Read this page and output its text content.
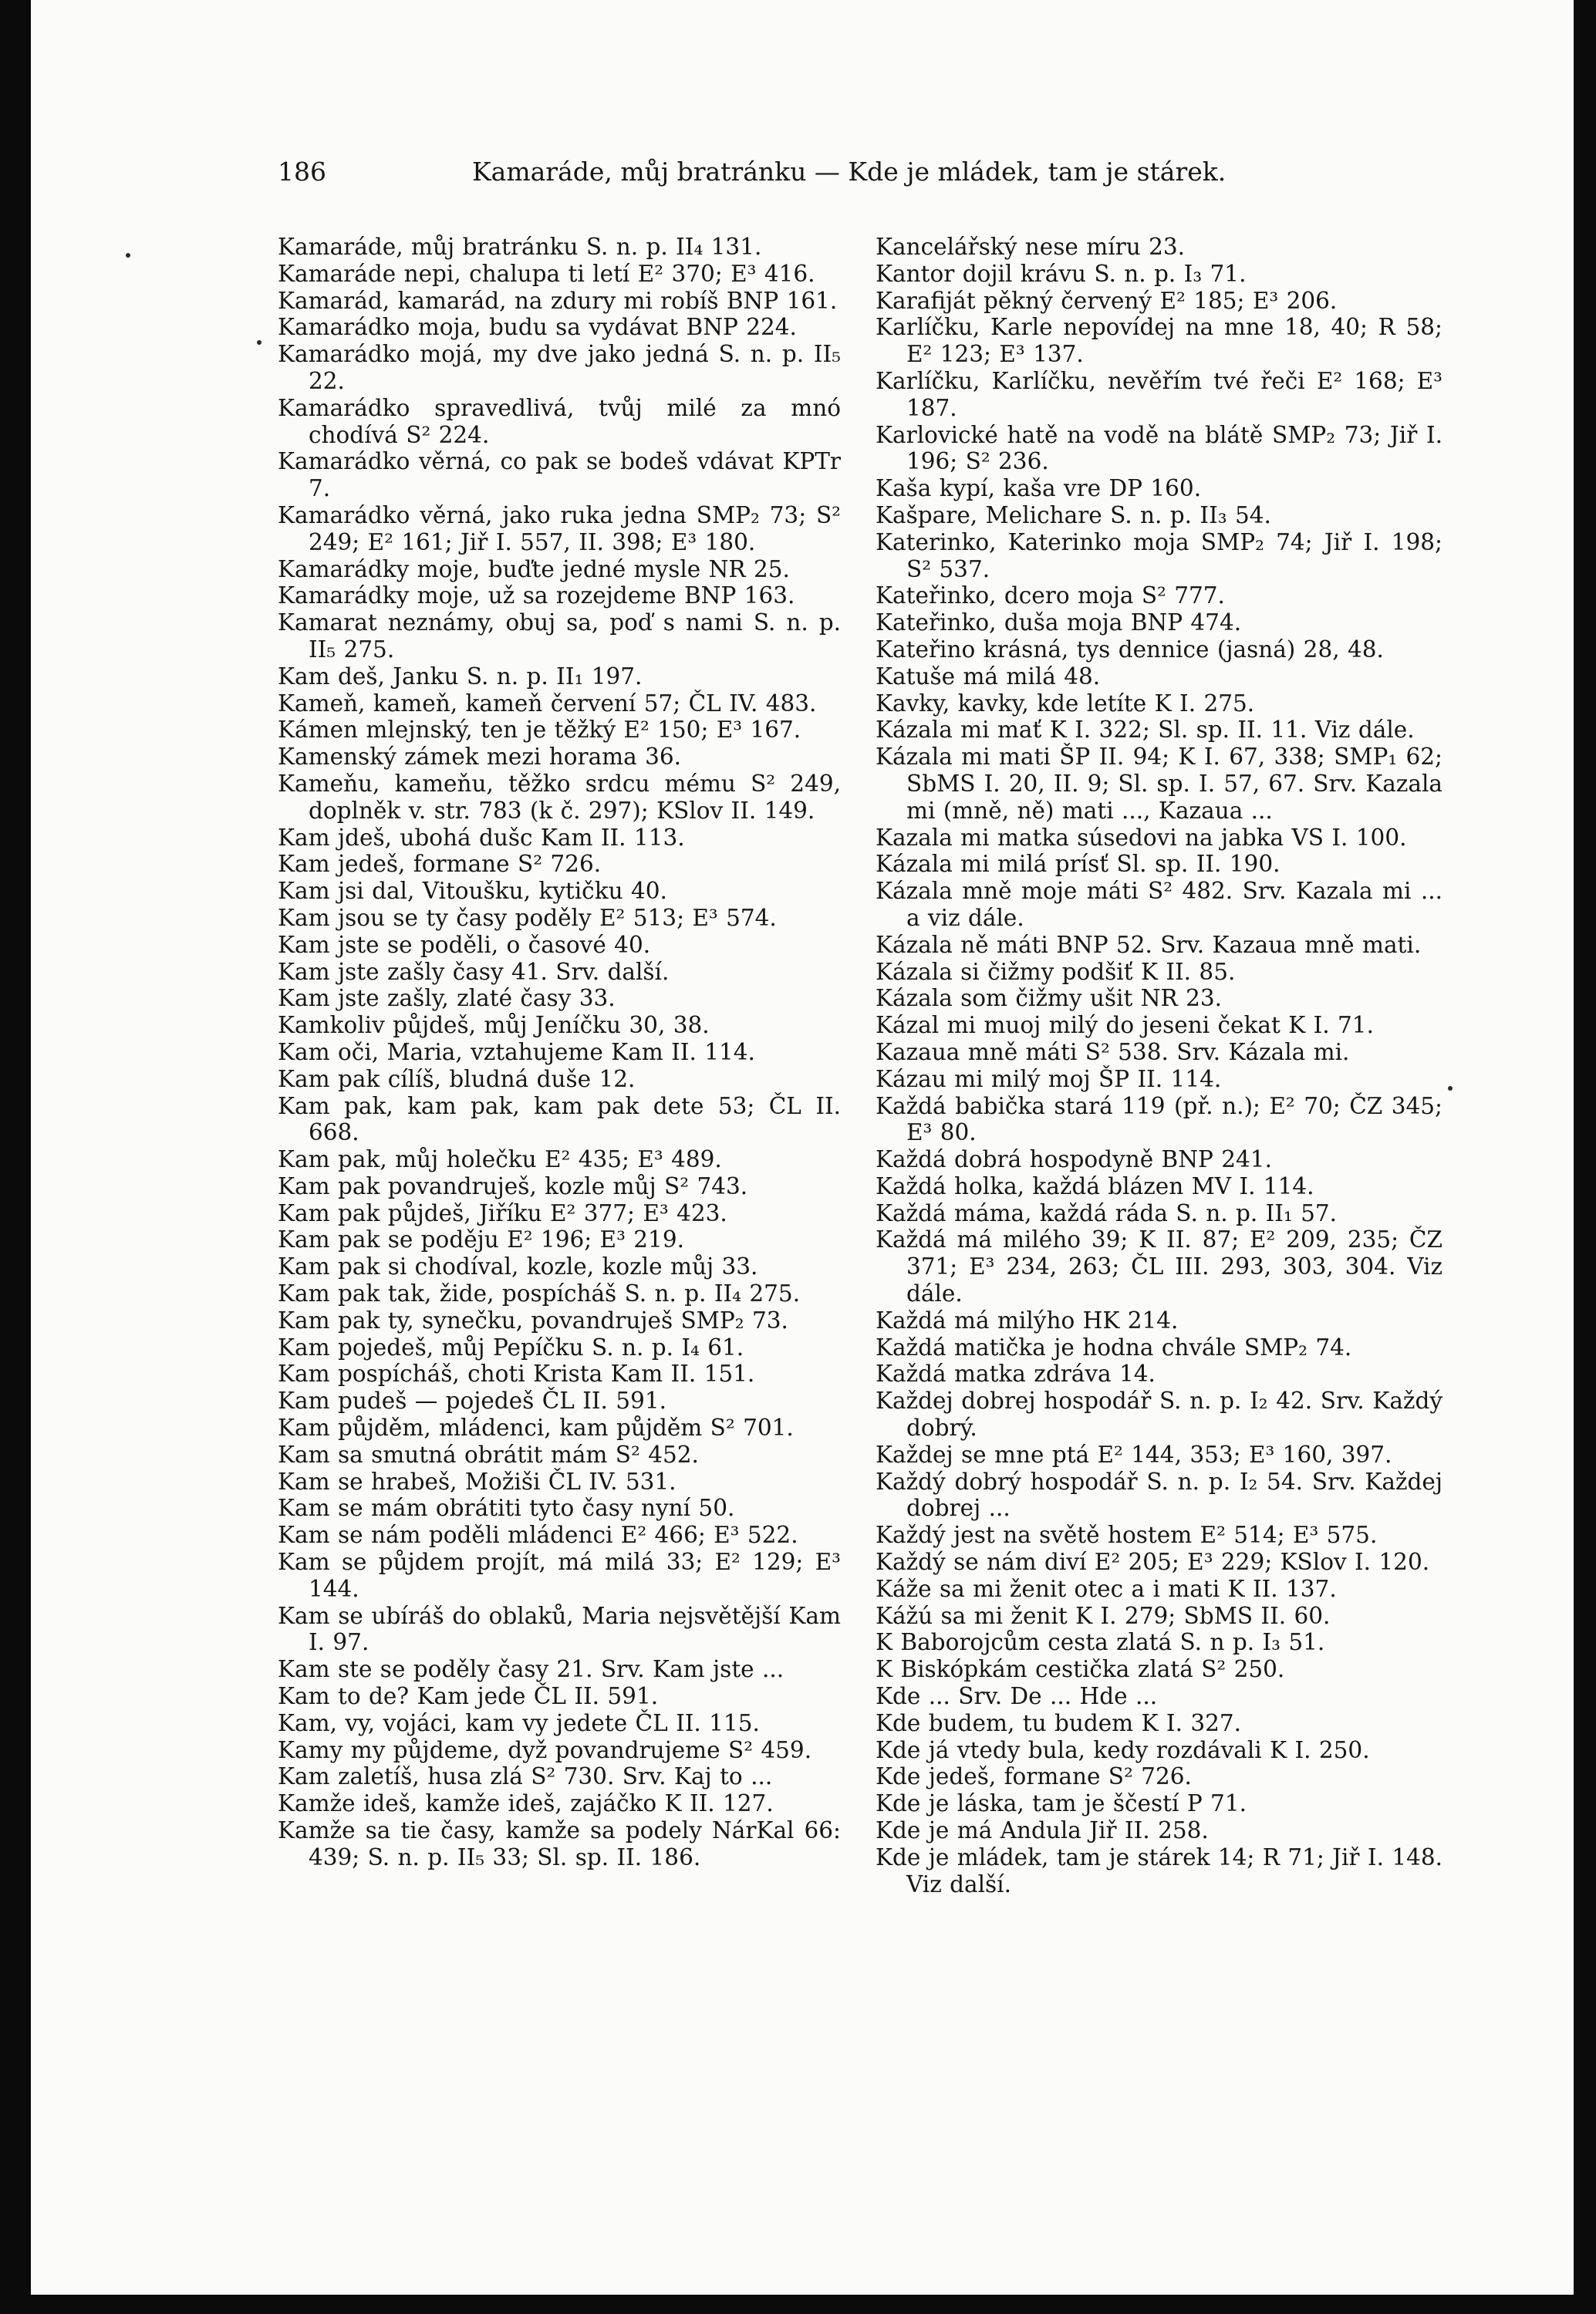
186	Kamaráde, můj bratránku — Kde je mládek, tam je stárek.
Kamaráde, můj bratránku S. n. p. II₄ 131.
Kamaráde nepi, chalupa ti letí E² 370; E³ 416.
Kamarád, kamarád, na zdury mi robíš BNP 161.
Kamarádko moja, budu sa vydávat BNP 224.
Kamarádko mojá, my dve jako jedná S. n. p. II₅ 22.
Kamarádko spravedlivá, tvůj milé za mnó chodívá S² 224.
Kamarádko věrná, co pak se bodeš vdávat KPTr 7.
Kamarádko věrná, jako ruka jedna SMP₂ 73; S² 249; E² 161; Jiř I. 557, II. 398; E³ 180.
Kamarádky moje, buďte jedné mysle NR 25.
Kamarádky moje, už sa rozejdeme BNP 163.
Kamarat neznámy, obuj sa, poď s nami S. n. p. II₅ 275.
Kam deš, Janku S. n. p. II₁ 197.
Kameň, kameň, kameň červení 57; ČL IV. 483.
Kámen mlejnský, ten je těžký E² 150; E³ 167.
Kamenský zámek mezi horama 36.
Kameňu, kameňu, těžko srdcu mému S² 249, doplněk v. str. 783 (k č. 297); KSlov II. 149.
Kam jdeš, ubohá dušc Kam II. 113.
Kam jedeš, formane S² 726.
Kam jsi dal, Vitoušku, kytičku 40.
Kam jsou se ty časy poděly E² 513; E³ 574.
Kam jste se poděli, o časové 40.
Kam jste zašly časy 41. Srv. další.
Kam jste zašly, zlaté časy 33.
Kamkoliv půjdeš, můj Jeníčku 30, 38.
Kam oči, Maria, vztahujeme Kam II. 114.
Kam pak cílíš, bludná duše 12.
Kam pak, kam pak, kam pak dete 53; ČL II. 668.
Kam pak, můj holečku E² 435; E³ 489.
Kam pak povandruješ, kozle můj S² 743.
Kam pak půjdeš, Jiříku E² 377; E³ 423.
Kam pak se poděju E² 196; E³ 219.
Kam pak si chodíval, kozle, kozle můj 33.
Kam pak tak, žide, pospícháš S. n. p. II₄ 275.
Kam pak ty, synečku, povandruješ SMP₂ 73.
Kam pojedeš, můj Pepíčku S. n. p. I₄ 61.
Kam pospícháš, choti Krista Kam II. 151.
Kam pudeš — pojedeš ČL II. 591.
Kam půjděm, mládenci, kam půjděm S² 701.
Kam sa smutná obrátit mám S² 452.
Kam se hrabeš, Možiši ČL IV. 531.
Kam se mám obrátiti tyto časy nyní 50.
Kam se nám poděli mládenci E² 466; E³ 522.
Kam se půjdem projít, má milá 33; E² 129; E³ 144.
Kam se ubíráš do oblaků, Maria nejsvětější Kam I. 97.
Kam ste se poděly časy 21. Srv. Kam jste ...
Kam to de? Kam jede ČL II. 591.
Kam, vy, vojáci, kam vy jedete ČL II. 115.
Kamy my půjdeme, dyž povandrujeme S² 459.
Kam zaletíš, husa zlá S² 730. Srv. Kaj to ...
Kamže ideš, kamže ideš, zajáčko K II. 127.
Kamže sa tie časy, kamže sa podely NárKal 66: 439; S. n. p. II₅ 33; Sl. sp. II. 186.
Kancelářský nese míru 23.
Kantor dojil krávu S. n. p. I₃ 71.
Karafiját pěkný červený E² 185; E³ 206.
Karlíčku, Karle nepovídej na mne 18, 40; R 58; E² 123; E³ 137.
Karlíčku, Karlíčku, nevěřím tvé řeči E² 168; E³ 187.
Karlovické hatě na vodě na blátě SMP₂ 73; Jiř I. 196; S² 236.
Kaša kypí, kaša vre DP 160.
Kašpare, Melichare S. n. p. II₃ 54.
Katerinko, Katerinko moja SMP₂ 74; Jiř I. 198; S² 537.
Kateřinko, dcero moja S² 777.
Kateřinko, duša moja BNP 474.
Kateřino krásná, tys dennice (jasná) 28, 48.
Katuše má milá 48.
Kavky, kavky, kde letíte K I. 275.
Kázala mi mať K I. 322; Sl. sp. II. 11. Viz dále.
Kázala mi mati ŠP II. 94; K I. 67, 338; SMP₁ 62; SbMS I. 20, II. 9; Sl. sp. I. 57, 67. Srv. Kazala mi (mně, ně) mati ..., Kazaua ...
Kazala mi matka súsedovi na jabka VS I. 100.
Kázala mi milá prísť Sl. sp. II. 190.
Kázala mně moje máti S² 482. Srv. Kazala mi ... a viz dále.
Kázala ně máti BNP 52. Srv. Kazaua mně mati.
Kázala si čižmy podšiť K II. 85.
Kázala som čižmy ušit NR 23.
Kázal mi muoj milý do jeseni čekat K I. 71.
Kazaua mně máti S² 538. Srv. Kázala mi.
Kázau mi milý moj ŠP II. 114.
Každá babička stará 119 (př. n.); E² 70; ČZ 345; E³ 80.
Každá dobrá hospodyně BNP 241.
Každá holka, každá blázen MV I. 114.
Každá máma, každá ráda S. n. p. II₁ 57.
Každá má milého 39; K II. 87; E² 209, 235; ČZ 371; E³ 234, 263; ČL III. 293, 303, 304. Viz dále.
Každá má milýho HK 214.
Každá matička je hodna chvále SMP₂ 74.
Každá matka zdráva 14.
Každej dobrej hospodář S. n. p. I₂ 42. Srv. Každý dobrý.
Každej se mne ptá E² 144, 353; E³ 160, 397.
Každý dobrý hospodář S. n. p. I₂ 54. Srv. Každej dobrej ...
Každý jest na světě hostem E² 514; E³ 575.
Každý se nám diví E² 205; E³ 229; KSlov I. 120.
Káže sa mi ženit otec a i mati K II. 137.
Kážú sa mi ženit K I. 279; SbMS II. 60.
K Baborojcům cesta zlatá S. n p. I₃ 51.
K Biskópkám cestička zlatá S² 250.
Kde ... Srv. De ... Hde ...
Kde budem, tu budem K I. 327.
Kde já vtedy bula, kedy rozdávali K I. 250.
Kde jedeš, formane S² 726.
Kde je láska, tam je ščestí P 71.
Kde je má Andula Jiř II. 258.
Kde je mládek, tam je stárek 14; R 71; Jiř I. 148. Viz další.
